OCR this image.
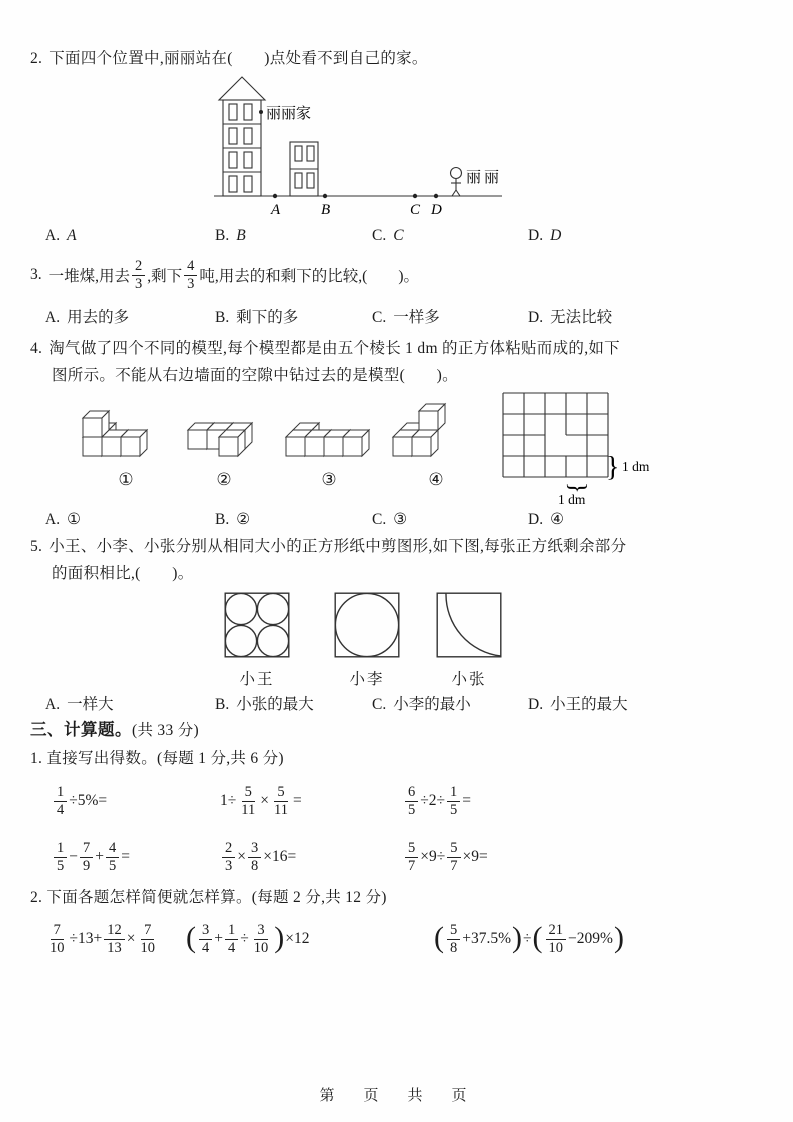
2. 下面四个位置中,丽丽站在(　　)点处看不到自己的家。
丽丽家
丽丽
A	B	C D
A. A	B. B	C. C	D. D
3. 一堆煤,用去 $\frac{2}{3}$ ,剩下 $\frac{4}{3}$ 吨,用去的和剩下的比较,(　　)。
A. 用去的多	B. 剩下的多	C. 一样多	D. 无法比较
4. 淘气做了四个不同的模型,每个模型都是由五个棱长 1 dm 的正方体粘贴而成的,如下
图所示。不能从右边墙面的空隙中钻过去的是模型(　　)。
①	②	③	④	} 1 dm
}
1 dm
A. ①	B. ②	C. ③	D. ④
5. 小王、小李、小张分别从相同大小的正方形纸中剪图形,如下图,每张正方纸剩余部分
的面积相比,(　　)。
小王	小李	小张
A. 一样大	B. 小张的最大	C. 小李的最小	D. 小王的最大
三、计算题。(共 33 分)
1. 直接写出得数。(每题 1 分,共 6 分)
$\frac{1}{4} \div 5\%=$	$1\div \frac{5}{11} \times \frac{5}{11}$ =	$\frac{6}{5} \div 2\div \frac{1}{5}$ =
$\frac{1}{5} - \frac{7}{9} + \frac{4}{5}$ =	$\frac{2}{3} \times \frac{3}{8} \times 16=$	$\frac{5}{7} \times 9\div \frac{5}{7} \times 9=$
2. 下面各题怎样简便就怎样算。(每题 2 分,共 12 分)
$\frac{7}{10} \div 13+ \frac{12}{13} \times \frac{7}{10}$ ( $\frac{3}{4} + \frac{1}{4} \div \frac{3}{10}$ ) ×12	( $\frac{5}{8} +37.5\%$ ) ÷ ( $\frac{21}{10} -209\%$ )
第　页　共　页
